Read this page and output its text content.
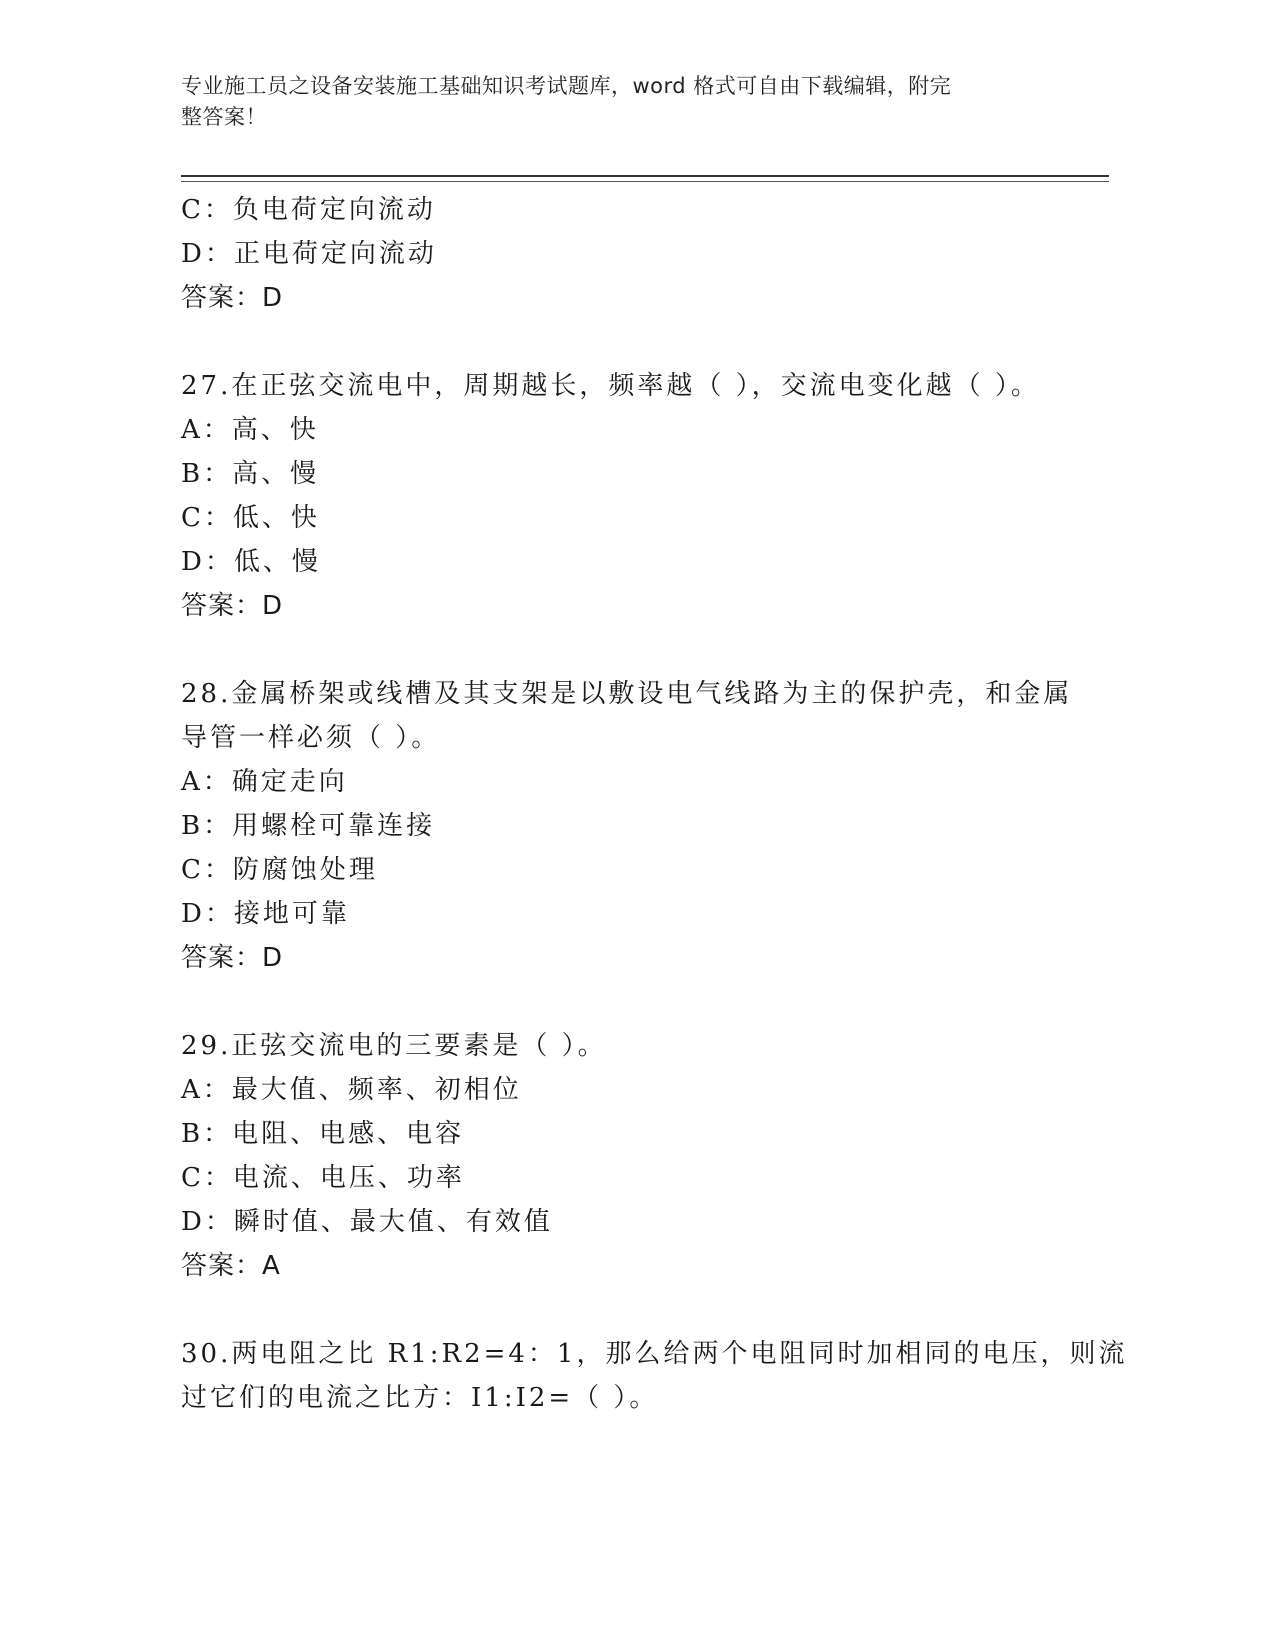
专业施工员之设备安装施工基础知识考试题库，word 格式可自由下载编辑，附完
整答案！
C：负电荷定向流动
D：正电荷定向流动
答案：D
27.在正弦交流电中，周期越长，频率越（ ），交流电变化越（ ）。
A：高、快
B：高、慢
C：低、快
D：低、慢
答案：D
28.金属桥架或线槽及其支架是以敷设电气线路为主的保护壳，和金属
导管一样必须（ ）。
A：确定走向
B：用螺栓可靠连接
C：防腐蚀处理
D：接地可靠
答案：D
29.正弦交流电的三要素是（ ）。
A：最大值、频率、初相位
B：电阻、电感、电容
C：电流、电压、功率
D：瞬时值、最大值、有效值
答案：A
30.两电阻之比 R1:R2=4：1，那么给两个电阻同时加相同的电压，则流
过它们的电流之比方：I1:I2=（ ）。
